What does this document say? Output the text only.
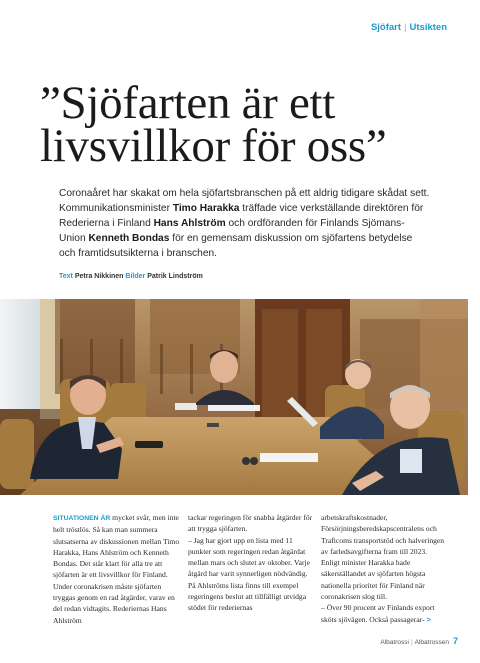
Sjöfart | Utsikten
”Sjöfarten är ett
livsvillkor för oss”

Coronaåret har skakat om hela sjöfartsbranschen på ett aldrig tidigare skådat sett. Kommunikationsminister Timo Harakka träffade vice verkställande direktören för Rederierna i Finland Hans Ahlström och ordföranden för Finlands Sjömans-Union Kenneth Bondas för en gemensam diskussion om sjöfartens betydelse och framtidsutsikterna i branschen.

Text Petra Nikkinen Bilder Patrik Lindström

SITUATIONEN ÄR mycket svår, men inte helt tröstlös. Så kan man summera slutsatserna av diskussionen mellan Timo Harakka, Hans Ahlström och Kenneth Bondas. Det står klart för alla tre att sjöfarten är ett livsvillkor för Finland. Under coronakrisen måste sjöfarten tryggas genom en rad åtgärder, varav en del redan vidtagits. Rederiernas Hans Ahlström

tackar regeringen för snabba åtgärder för att trygga sjöfarten.

– Jag har gjort upp en lista med 11 punkter som regeringen redan åtgärdat mellan mars och slutet av oktober. Varje åtgärd har varit synnerligen nödvändig.

På Ahlströms lista finns till exempel regeringens beslut att tillfälligt utvidga stödet för rederiernas

arbetskraftskostnader, Försörjningsberedskapscentralens och Traficoms transportstöd och halveringen av farledsavgifterna fram till 2023.

Enligt minister Harakka hade säkerställandet av sjöfarten högsta nationella prioritet för Finland när coronakrisen slog till.

– Över 90 procent av Finlands export sköts sjövägen. Också passagerar- >

Albatrossi | Albatrossen 7
